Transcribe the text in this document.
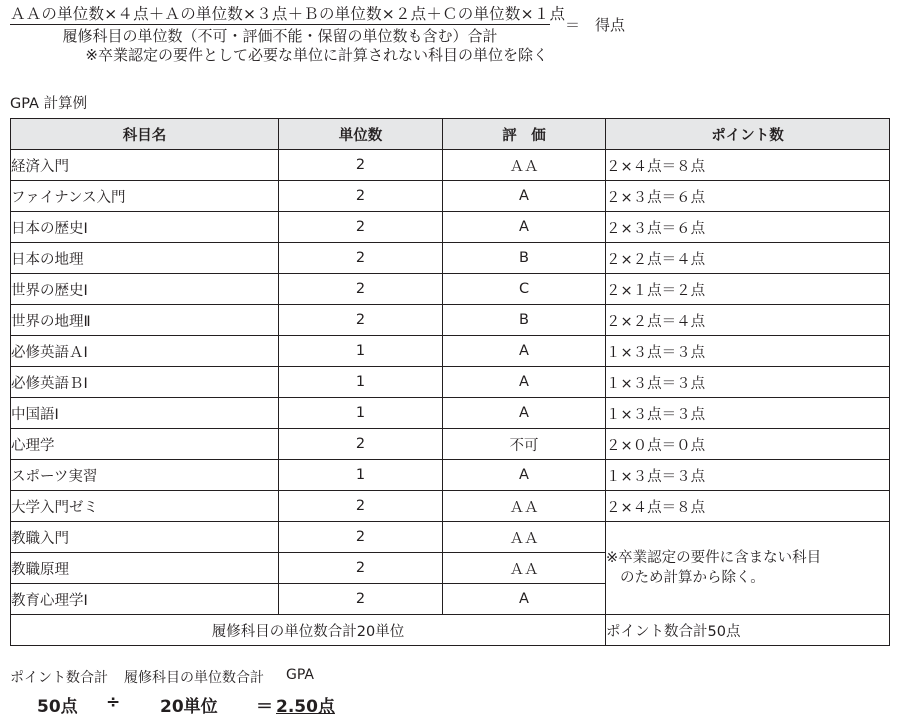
ＡＡの単位数×４点＋Ａの単位数×３点＋Ｂの単位数×２点＋Ｃの単位数×１点
履修科目の単位数（不可・評価不能・保留の単位数も含む）合計
＝　得点
※卒業認定の要件として必要な単位に計算されない科目の単位を除く
GPA 計算例
科目名	単位数	評　価	ポイント数
経済入門	2	ＡＡ	２×４点＝８点
ファイナンス入門	2	A	２×３点＝６点
日本の歴史Ⅰ	2	A	２×３点＝６点
日本の地理	2	B	２×２点＝４点
世界の歴史Ⅰ	2	C	２×１点＝２点
世界の地理Ⅱ	2	B	２×２点＝４点
必修英語ＡⅠ	1	A	１×３点＝３点
必修英語ＢⅠ	1	A	１×３点＝３点
中国語Ⅰ	1	A	１×３点＝３点
心理学	2	不可	２×０点＝０点
スポーツ実習	1	A	１×３点＝３点
大学入門ゼミ	2	ＡＡ	２×４点＝８点
教職入門	2	ＡＡ	※卒業認定の要件に含まない科目
のため計算から除く。

教職原理	2	ＡＡ	
教育心理学Ⅰ	2	A	
履修科目の単位数合計20単位			ポイント数合計50点
ポイント数合計 履修科目の単位数合計 GPA
50点 ÷ 20単位 ＝ 2.50点
